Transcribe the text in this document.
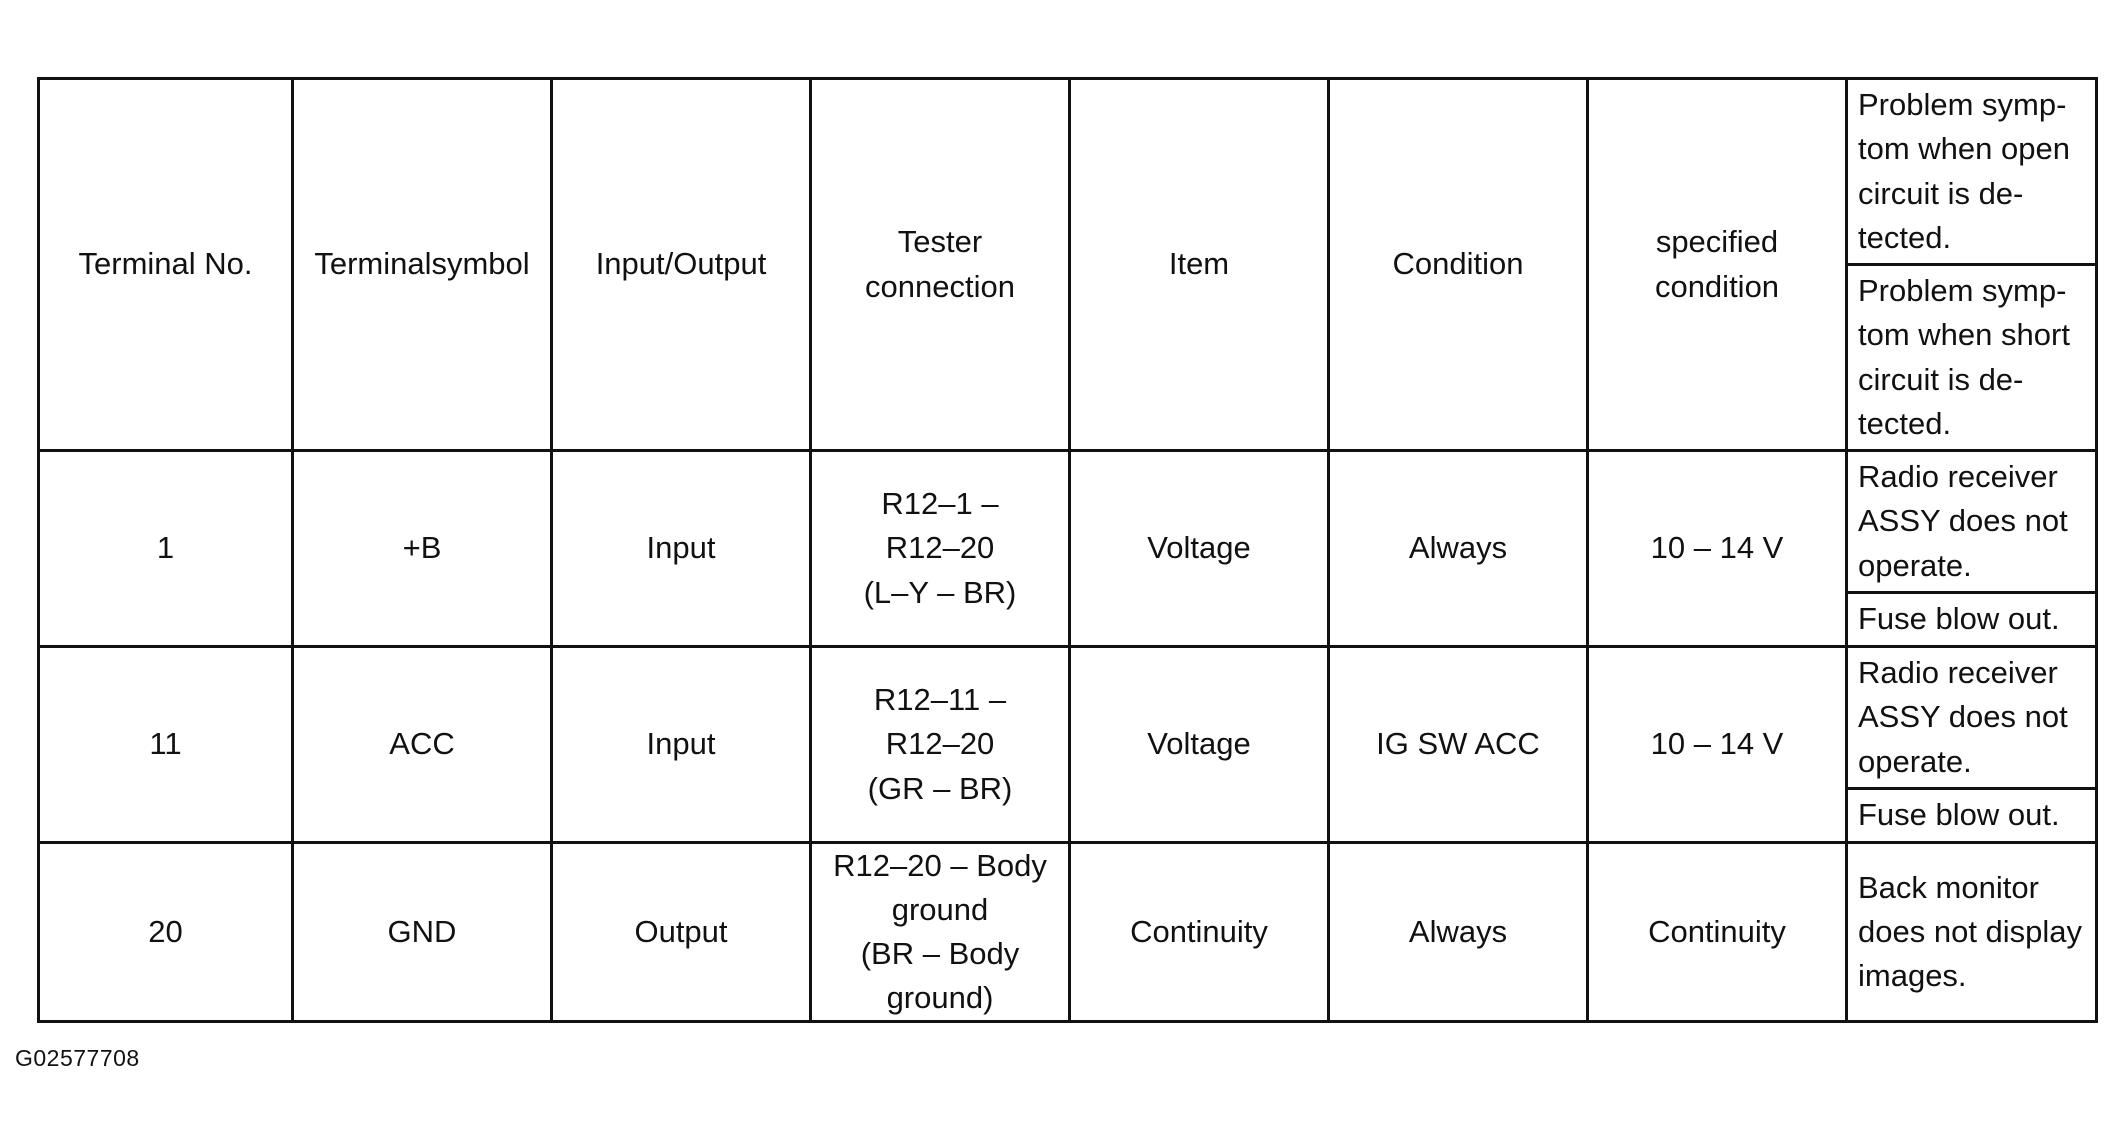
Terminal No.	Terminalsymbol	Input/Output	Tester
connection	Item	Condition	specified
condition	Problem symp-
tom when open
circuit is de-
tected.
							Problem symp-
tom when short
circuit is de-
tected.
1	+B	Input	R12–1 –
R12–20
(L–Y – BR)	Voltage	Always	10 – 14 V	Radio receiver
ASSY does not
operate.
							Fuse blow out.
11	ACC	Input	R12–11 –
R12–20
(GR – BR)	Voltage	IG SW ACC	10 – 14 V	Radio receiver
ASSY does not
operate.
							Fuse blow out.
20	GND	Output	R12–20 – Body
ground
(BR – Body
ground)	Continuity	Always	Continuity	Back monitor
does not display
images.
G02577708
